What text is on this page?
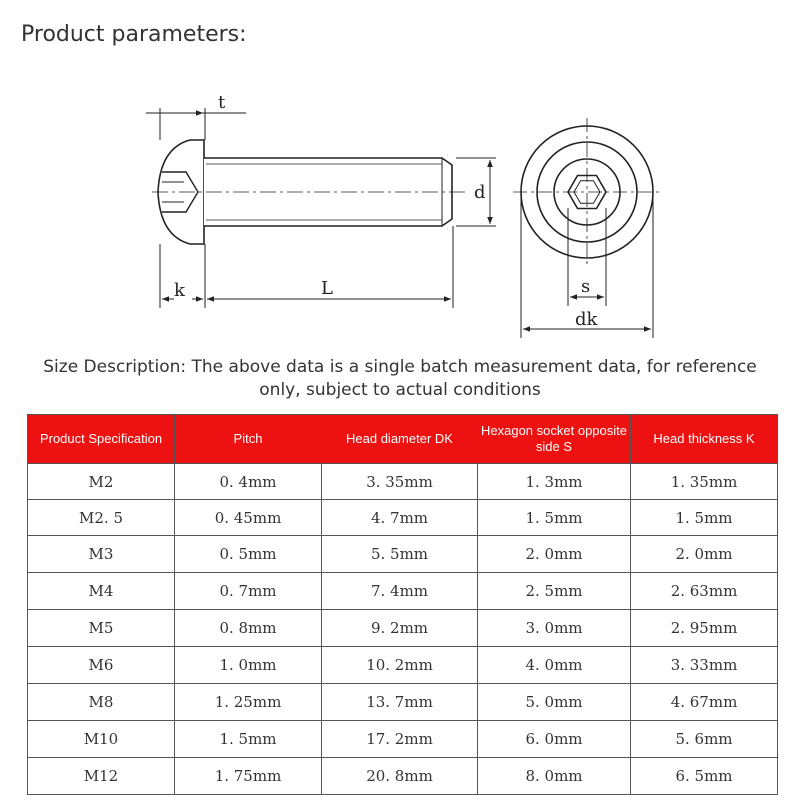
Product parameters:
t
d
k	L	s
dk
Size Description: The above data is a single batch measurement data, for reference only, subject to actual conditions
Product Specification	Pitch	Head diameter DK	Hexagon socket opposite side S	Head thickness K
M2	0. 4mm	3. 35mm	1. 3mm	1. 35mm
M2. 5	0. 45mm	4. 7mm	1. 5mm	1. 5mm
M3	0. 5mm	5. 5mm	2. 0mm	2. 0mm
M4	0. 7mm	7. 4mm	2. 5mm	2. 63mm
M5	0. 8mm	9. 2mm	3. 0mm	2. 95mm
M6	1. 0mm	10. 2mm	4. 0mm	3. 33mm
M8	1. 25mm	13. 7mm	5. 0mm	4. 67mm
M10	1. 5mm	17. 2mm	6. 0mm	5. 6mm
M12	1. 75mm	20. 8mm	8. 0mm	6. 5mm
